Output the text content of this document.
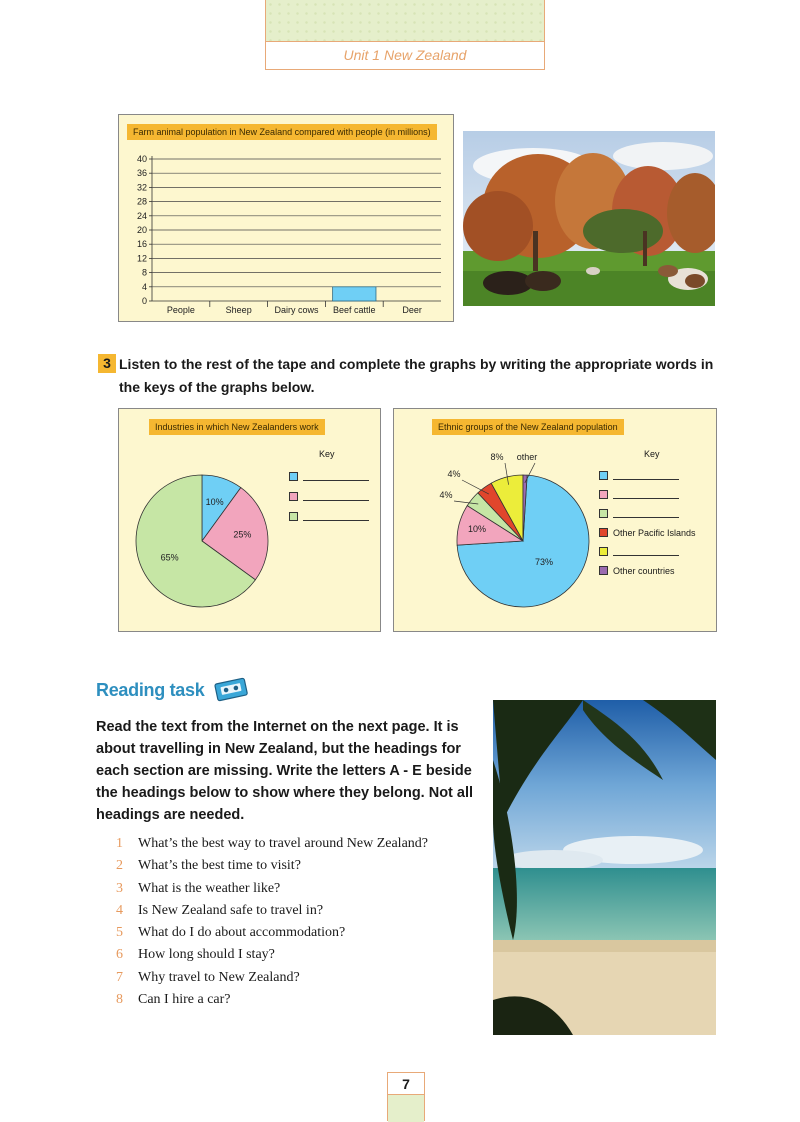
Unit 1 New Zealand
Farm animal population in New Zealand compared with people (in millions)
0
4
8
12
16
20
24
28
32
36
40
People	Sheep	Dairy cows Beef cattle	Deer
3 Listen to the rest of the tape and complete the graphs by writing the appropriate words in the keys of the graphs below.
Industries in which New Zealanders work
10%
25%
65%
Key
Ethnic groups of the New Zealand population
73%
10%
4%
4%
8% other	Key
Other Pacific Islands
Other countries
Reading task
Read the text from the Internet on the next page. It is about travelling in New Zealand, but the headings for each section are missing. Write the letters A - E beside the headings below to show where they belong. Not all headings are needed.
1 What’s the best way to travel around New Zealand?
2 What’s the best time to visit?
3 What is the weather like?
4 Is New Zealand safe to travel in?
5 What do I do about accommodation?
6 How long should I stay?
7 Why travel to New Zealand?
8 Can I hire a car?
7
